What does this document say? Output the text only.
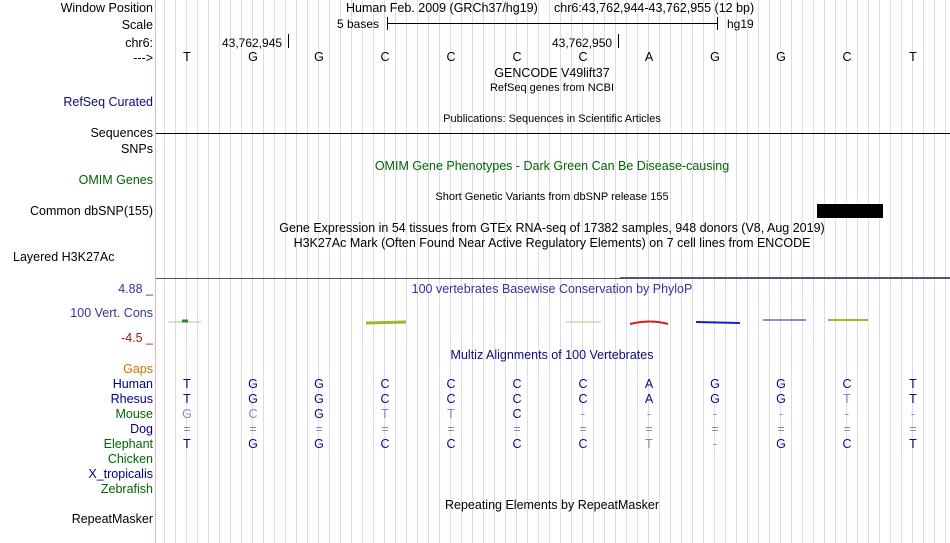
Window Position	Human Feb. 2009 (GRCh37/hg19) chr6:43,762,944-43,762,955 (12 bp)
Scale	5 bases	hg19
chr6:	43,762,945	43,762,950
--->	T	G	G	C	C	C	C	A	G	G	C	T
GENCODE V49lift37
RefSeq genes from NCBI
RefSeq Curated
Publications: Sequences in Scientific Articles
Sequences
SNPs
OMIM Gene Phenotypes - Dark Green Can Be Disease-causing
OMIM Genes
Short Genetic Variants from dbSNP release 155
Common dbSNP(155)
Gene Expression in 54 tissues from GTEx RNA-seq of 17382 samples, 948 donors (V8, Aug 2019)
H3K27Ac Mark (Often Found Near Active Regulatory Elements) on 7 cell lines from ENCODE
Layered H3K27Ac
4.88 _	100 vertebrates Basewise Conservation by PhyloP
100 Vert. Cons
-4.5 _
Multiz Alignments of 100 Vertebrates
Gaps
Human	T	G	G	C	C	C	C	A	G	G	C	T
Rhesus	T	G	G	C	C	C	C	A	G	G	T	T
Mouse	G	C	G	T	T	C	-	-	-	-	-	-
Dog	=	=	=	=	=	=	=	=	=	=	=	=
Elephant	T	G	G	C	C	C	C	T	-	G	C	T
Chicken
X_tropicalis
Zebrafish
Repeating Elements by RepeatMasker
RepeatMasker
